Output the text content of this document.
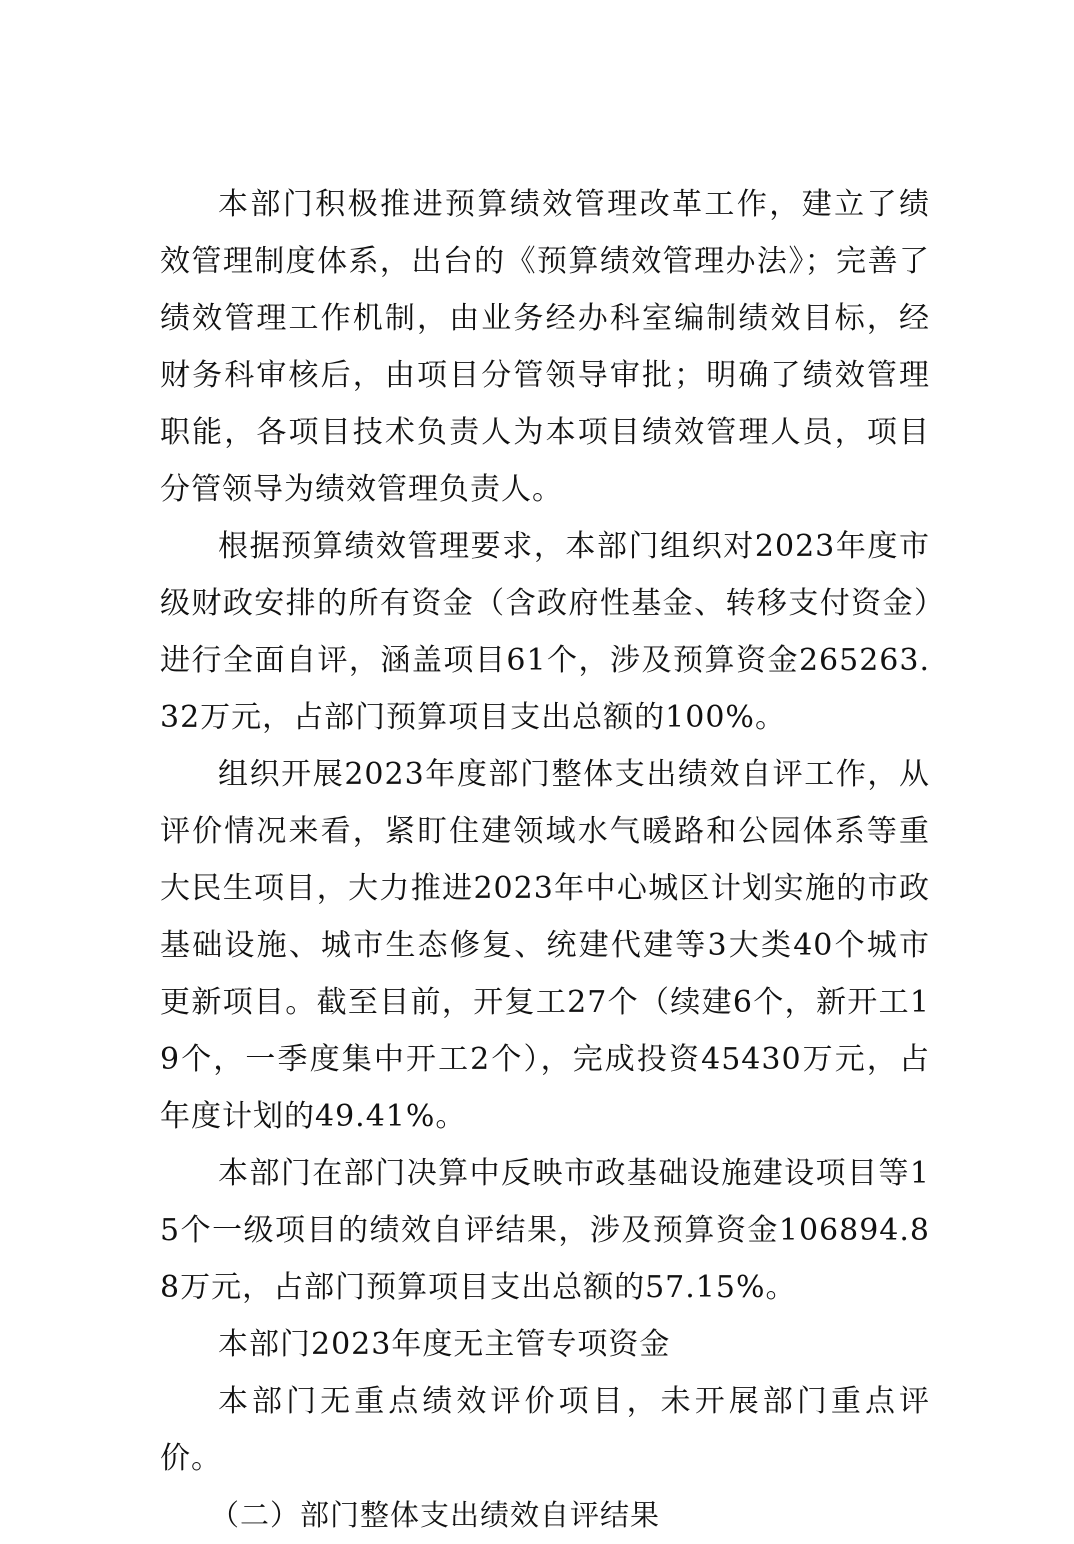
本部门积极推进预算绩效管理改革工作，建立了绩效管理制度体系，出台的《预算绩效管理办法》；完善了绩效管理工作机制，由业务经办科室编制绩效目标，经财务科审核后，由项目分管领导审批；明确了绩效管理职能，各项目技术负责人为本项目绩效管理人员，项目分管领导为绩效管理负责人。

根据预算绩效管理要求，本部门组织对2023年度市级财政安排的所有资金（含政府性基金、转移支付资金）进行全面自评，涵盖项目61个，涉及预算资金265263.32万元，占部门预算项目支出总额的100%。

组织开展2023年度部门整体支出绩效自评工作，从评价情况来看，紧盯住建领域水气暖路和公园体系等重大民生项目，大力推进2023年中心城区计划实施的市政基础设施、城市生态修复、统建代建等3大类40个城市更新项目。截至目前，开复工27个（续建6个，新开工19个，一季度集中开工2个），完成投资45430万元，占年度计划的49.41%。

本部门在部门决算中反映市政基础设施建设项目等15个一级项目的绩效自评结果，涉及预算资金106894.88万元，占部门预算项目支出总额的57.15%。

本部门2023年度无主管专项资金

本部门无重点绩效评价项目，未开展部门重点评价。

（二）部门整体支出绩效自评结果
